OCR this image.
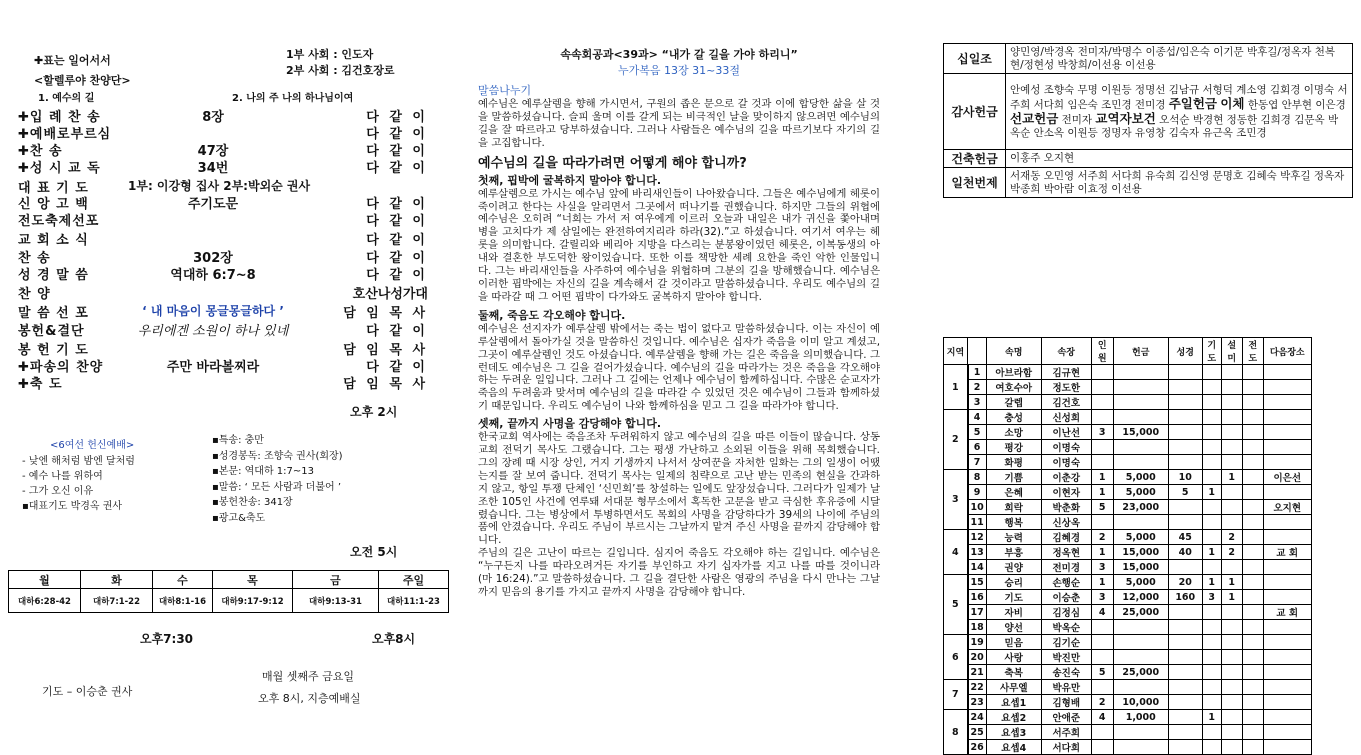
✚표는 일어서서
<할렐루야 찬양단>
1부 사회 : 인도자
2부 사회 : 김건호장로
1. 예수의 길	2. 나의 주 나의 하나님이여
✚입 례 찬 송	8장	다 같 이
✚예배로부르심	다 같 이
✚찬 송	47장	다 같 이
✚성 시 교 독	34번	다 같 이
대 표 기 도	1부: 이강형 집사 2부:박외순 권사
신 앙 고 백	주기도문	다 같 이
전도축제선포	다 같 이
교 회 소 식	다 같 이
찬 송	302장	다 같 이
성 경 말 씀	역대하 6:7~8	다 같 이
찬 양	호산나성가대
말 씀 선 포	‘ 내 마음이 몽글몽글하다 ’	담 임 목 사
봉헌&결단	우리에겐 소원이 하나 있네	다 같 이
봉 헌 기 도	담 임 목 사
✚파송의 찬양	주만 바라볼찌라	다 같 이
✚축 도	담 임 목 사
오후 2시
<6여선 헌신예배>
- 낮엔 해처럼 밤엔 달처럼
- 예수 나를 위하여
- 그가 오신 이유
▪대표기도 박경옥 권사
▪특송: 충만
▪성경봉독: 조향숙 권사(회장)
▪본문: 역대하 1:7~13
▪말씀: ‘ 모든 사람과 더불어 ’
▪봉헌찬송: 341장
▪광고&축도
오전 5시
월	화	수	목	금	주일
대하6:28-42	대하7:1-22	대하8:1-16	대하9:17-9:12	대하9:13-31	대하11:1-23
오후7:30	오후8시
기도 – 이승춘 권사
매월 셋째주 금요일
오후 8시, 지층예배실
속속회공과<39과> “내가 갈 길을 가야 하리니”
누가복음 13장 31~33절
말씀나누기

예수님은 예루살렘을 향해 가시면서, 구원의 좁은 문으로 갈 것과 이에 합당한 삶을 살 것을 말씀하셨습니다. 슬피 울며 이를 갈게 되는 비극적인 날을 맞이하지 않으려면 예수님의 길을 잘 따르라고 당부하셨습니다. 그러나 사람들은 예수님의 길을 따르기보다 자기의 길을 고집합니다.

예수님의 길을 따라가려면 어떻게 해야 합니까?
첫째, 핍박에 굴복하지 말아야 합니다.

예루살렘으로 가시는 예수님 앞에 바리새인들이 나아왔습니다. 그들은 예수님에게 헤롯이 죽이려고 한다는 사실을 알리면서 그곳에서 떠나기를 권했습니다. 하지만 그들의 위협에 예수님은 오히려 “너희는 가서 저 여우에게 이르러 오늘과 내일은 내가 귀신을 쫓아내며 병을 고치다가 제 삼일에는 완전하여지리라 하라(32).”고 하셨습니다. 여기서 여우는 헤롯을 의미합니다. 갈릴리와 베리아 지방을 다스리는 분봉왕이었던 헤롯은, 이복동생의 아내와 결혼한 부도덕한 왕이었습니다. 또한 이를 책망한 세례 요한을 죽인 악한 인물입니다. 그는 바리새인들을 사주하여 예수님을 위협하며 그분의 길을 방해했습니다. 예수님은 이러한 핍박에는 자신의 길을 계속해서 갈 것이라고 말씀하셨습니다. 우리도 예수님의 길을 따라갈 때 그 어떤 핍박이 다가와도 굴복하지 말아야 합니다.

둘째, 죽음도 각오해야 합니다.

예수님은 선지자가 예루살렘 밖에서는 죽는 법이 없다고 말씀하셨습니다. 이는 자신이 예루살렘에서 돌아가실 것을 말씀하신 것입니다. 예수님은 십자가 죽음을 이미 알고 계셨고, 그곳이 예루살렘인 것도 아셨습니다. 예루살렘을 향해 가는 길은 죽음을 의미했습니다. 그런데도 예수님은 그 길을 걸어가셨습니다. 예수님의 길을 따라가는 것은 죽음을 각오해야 하는 두려운 일입니다. 그러나 그 길에는 언제나 예수님이 함께하십니다. 수많은 순교자가 죽음의 두려움과 맞서며 예수님의 길을 따라갈 수 있었던 것은 예수님이 그들과 함께하셨기 때문입니다. 우리도 예수님이 나와 함께하심을 믿고 그 길을 따라가야 합니다.

셋째, 끝까지 사명을 감당해야 합니다.

한국교회 역사에는 죽음조차 두려워하지 않고 예수님의 길을 따른 이들이 많습니다. 상동교회 전덕기 목사도 그랬습니다. 그는 평생 가난하고 소외된 이들을 위해 목회했습니다. 그의 장례 때 시장 상인, 거지 기생까지 나서서 상여꾼을 자처한 일화는 그의 일생이 어땠는지를 잘 보여 줍니다. 전덕기 목사는 일제의 침략으로 고난 받는 민족의 현실을 간과하지 않고, 항일 투쟁 단체인 ‘신민회’를 창설하는 일에도 앞장섰습니다. 그러다가 일제가 날조한 105인 사건에 연루돼 서대문 형무소에서 혹독한 고문을 받고 극심한 후유증에 시달렸습니다. 그는 병상에서 투병하면서도 목회의 사명을 감당하다가 39세의 나이에 주님의 품에 안겼습니다. 우리도 주님이 부르시는 그날까지 맡겨 주신 사명을 끝까지 감당해야 합니다.

주님의 길은 고난이 따르는 길입니다. 심지어 죽음도 각오해야 하는 길입니다. 예수님은 “누구든지 나를 따라오려거든 자기를 부인하고 자기 십자가를 지고 나를 따를 것이니라(마 16:24).”고 말씀하셨습니다. 그 길을 결단한 사람은 영광의 주님을 다시 만나는 그날까지 믿음의 용기를 가지고 끝까지 사명을 감당해야 합니다.

십일조	양민영/박경옥 전미자/박명수 이종섭/임은숙 이기문 박후길/정옥자 천복현/정현성 박창희/이선용 이선용
감사헌금	안예성 조향숙 무명 이원등 정명선 김남규 서형덕 계소영 김회경 이명숙 서주희 서다희 임은숙 조민경 전미경 주일헌금 이체 한동엽 안부현 이은경 선교헌금 전미자 교역자보건 오석순 박경현 정동한 김희경 김문옥 박옥순 안소옥 이원등 정명자 유영창 김숙자 유근옥 조민경
건축헌금	이홍주 오지현
일천번제	서재동 오민영 서주희 서다희 유숙희 김신영 문명호 김혜숙 박후길 정옥자 박종희 박아람 이효정 이선용
지역		속명	속장	인원	헌금	성경	기도	설미	전도	다음장소
1	1	아브라함	김규현							
	2	여호수아	정도한							
	3	갈렙	김건호							
2	4	충성	신성희							
	5	소망	이난선	3	15,000					
	6	평강	이명숙							
	7	화평	이명숙							
3	8	기쁨	이춘강	1	5,000	10		1		이은선
	9	은혜	이현자	1	5,000	5	1			
	10	희락	박춘화	5	23,000					오지현
	11	행복	신상옥							
4	12	능력	김혜경	2	5,000	45		2		
	13	부흥	정옥현	1	15,000	40	1	2		교 회
	14	권양	전미경	3	15,000					
5	15	승리	손행순	1	5,000	20	1	1		
	16	기도	이승춘	3	12,000	160	3	1		
	17	자비	김정심	4	25,000					교 회
	18	양선	박옥순							
6	19	믿음	김기순							
	20	사랑	박진만							
	21	축복	송진숙	5	25,000					
7	22	사무엘	박유만							
	23	요셉1	김형배	2	10,000					
8	24	요셉2	안애준	4	1,000		1			
	25	요셉3	서주희							
	26	요셉4	서다희							
